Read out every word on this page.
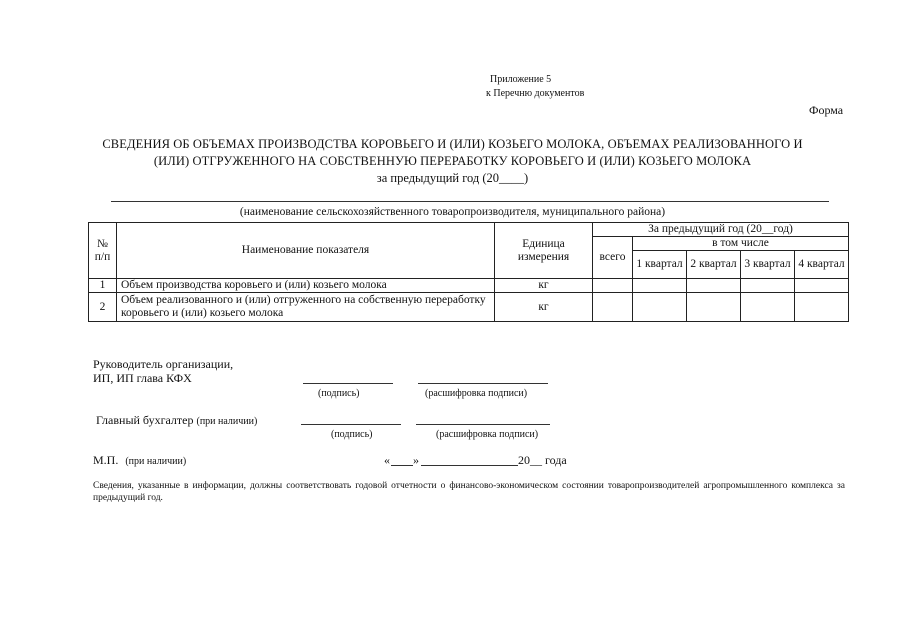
Приложение 5
к Перечню документов
Форма
СВЕДЕНИЯ ОБ ОБЪЕМАХ ПРОИЗВОДСТВА КОРОВЬЕГО И (ИЛИ) КОЗЬЕГО МОЛОКА, ОБЪЕМАХ РЕАЛИЗОВАННОГО И
(ИЛИ) ОТГРУЖЕННОГО НА СОБСТВЕННУЮ ПЕРЕРАБОТКУ КОРОВЬЕГО И (ИЛИ) КОЗЬЕГО МОЛОКА
за предыдущий год (20____)
(наименование сельскохозяйственного товаропроизводителя, муниципального района)
№ п/п	Наименование показателя	Единица измерения	За предыдущий год (20__год)				
			всего	в том числе			
				1 квартал	2 квартал	3 квартал	4 квартал
1	Объем производства коровьего и (или) козьего молока	кг					
2	Объем реализованного и (или) отгруженного на собственную переработку коровьего и (или) козьего молока	кг					
Руководитель организации,
ИП, ИП глава КФХ
(подпись)	(расшифровка подписи)
Главный бухгалтер (при наличии)
(подпись)	(расшифровка подписи)
М.П. (при наличии)	« »	20__ года
Сведения, указанные в информации, должны соответствовать годовой отчетности о финансово-экономическом состоянии товаропроизводителей агропромышленного комплекса за предыдущий год.
